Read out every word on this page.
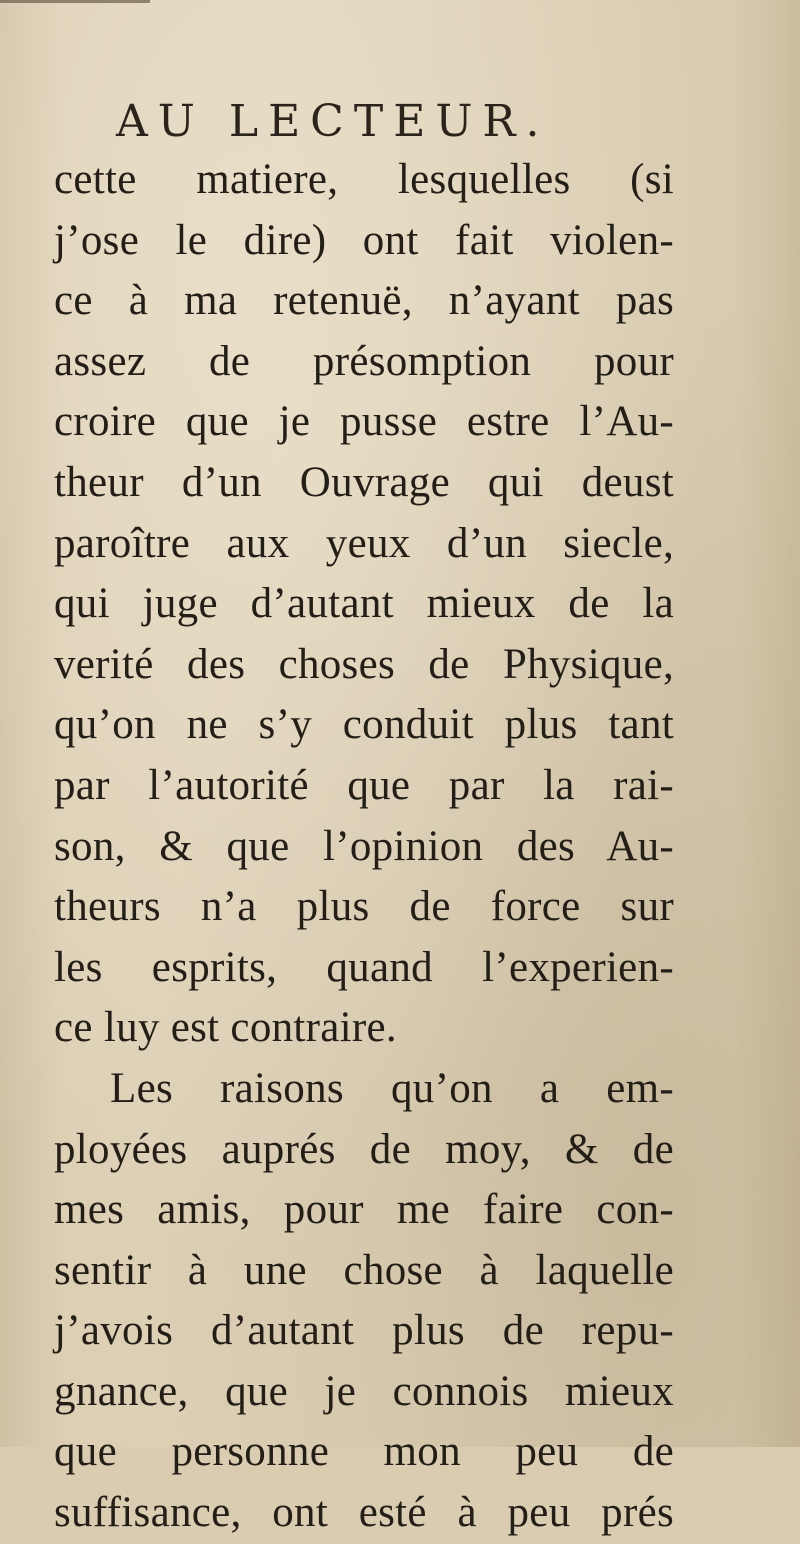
AU LECTEUR.
cette matiere, lesquelles (si
j’ose le dire) ont fait violen-
ce à ma retenuë, n’ayant pas
assez de présomption pour
croire que je pusse estre l’Au-
theur d’un Ouvrage qui deust
paroître aux yeux d’un siecle,
qui juge d’autant mieux de la
verité des choses de Physique,
qu’on ne s’y conduit plus tant
par l’autorité que par la rai-
son, & que l’opinion des Au-
theurs n’a plus de force sur
les esprits, quand l’experien-
ce luy est contraire.
Les raisons qu’on a em-
ployées auprés de moy, & de
mes amis, pour me faire con-
sentir à une chose à laquelle
j’avois d’autant plus de repu-
gnance, que je connois mieux
que personne mon peu de
suffisance, ont esté à peu prés
